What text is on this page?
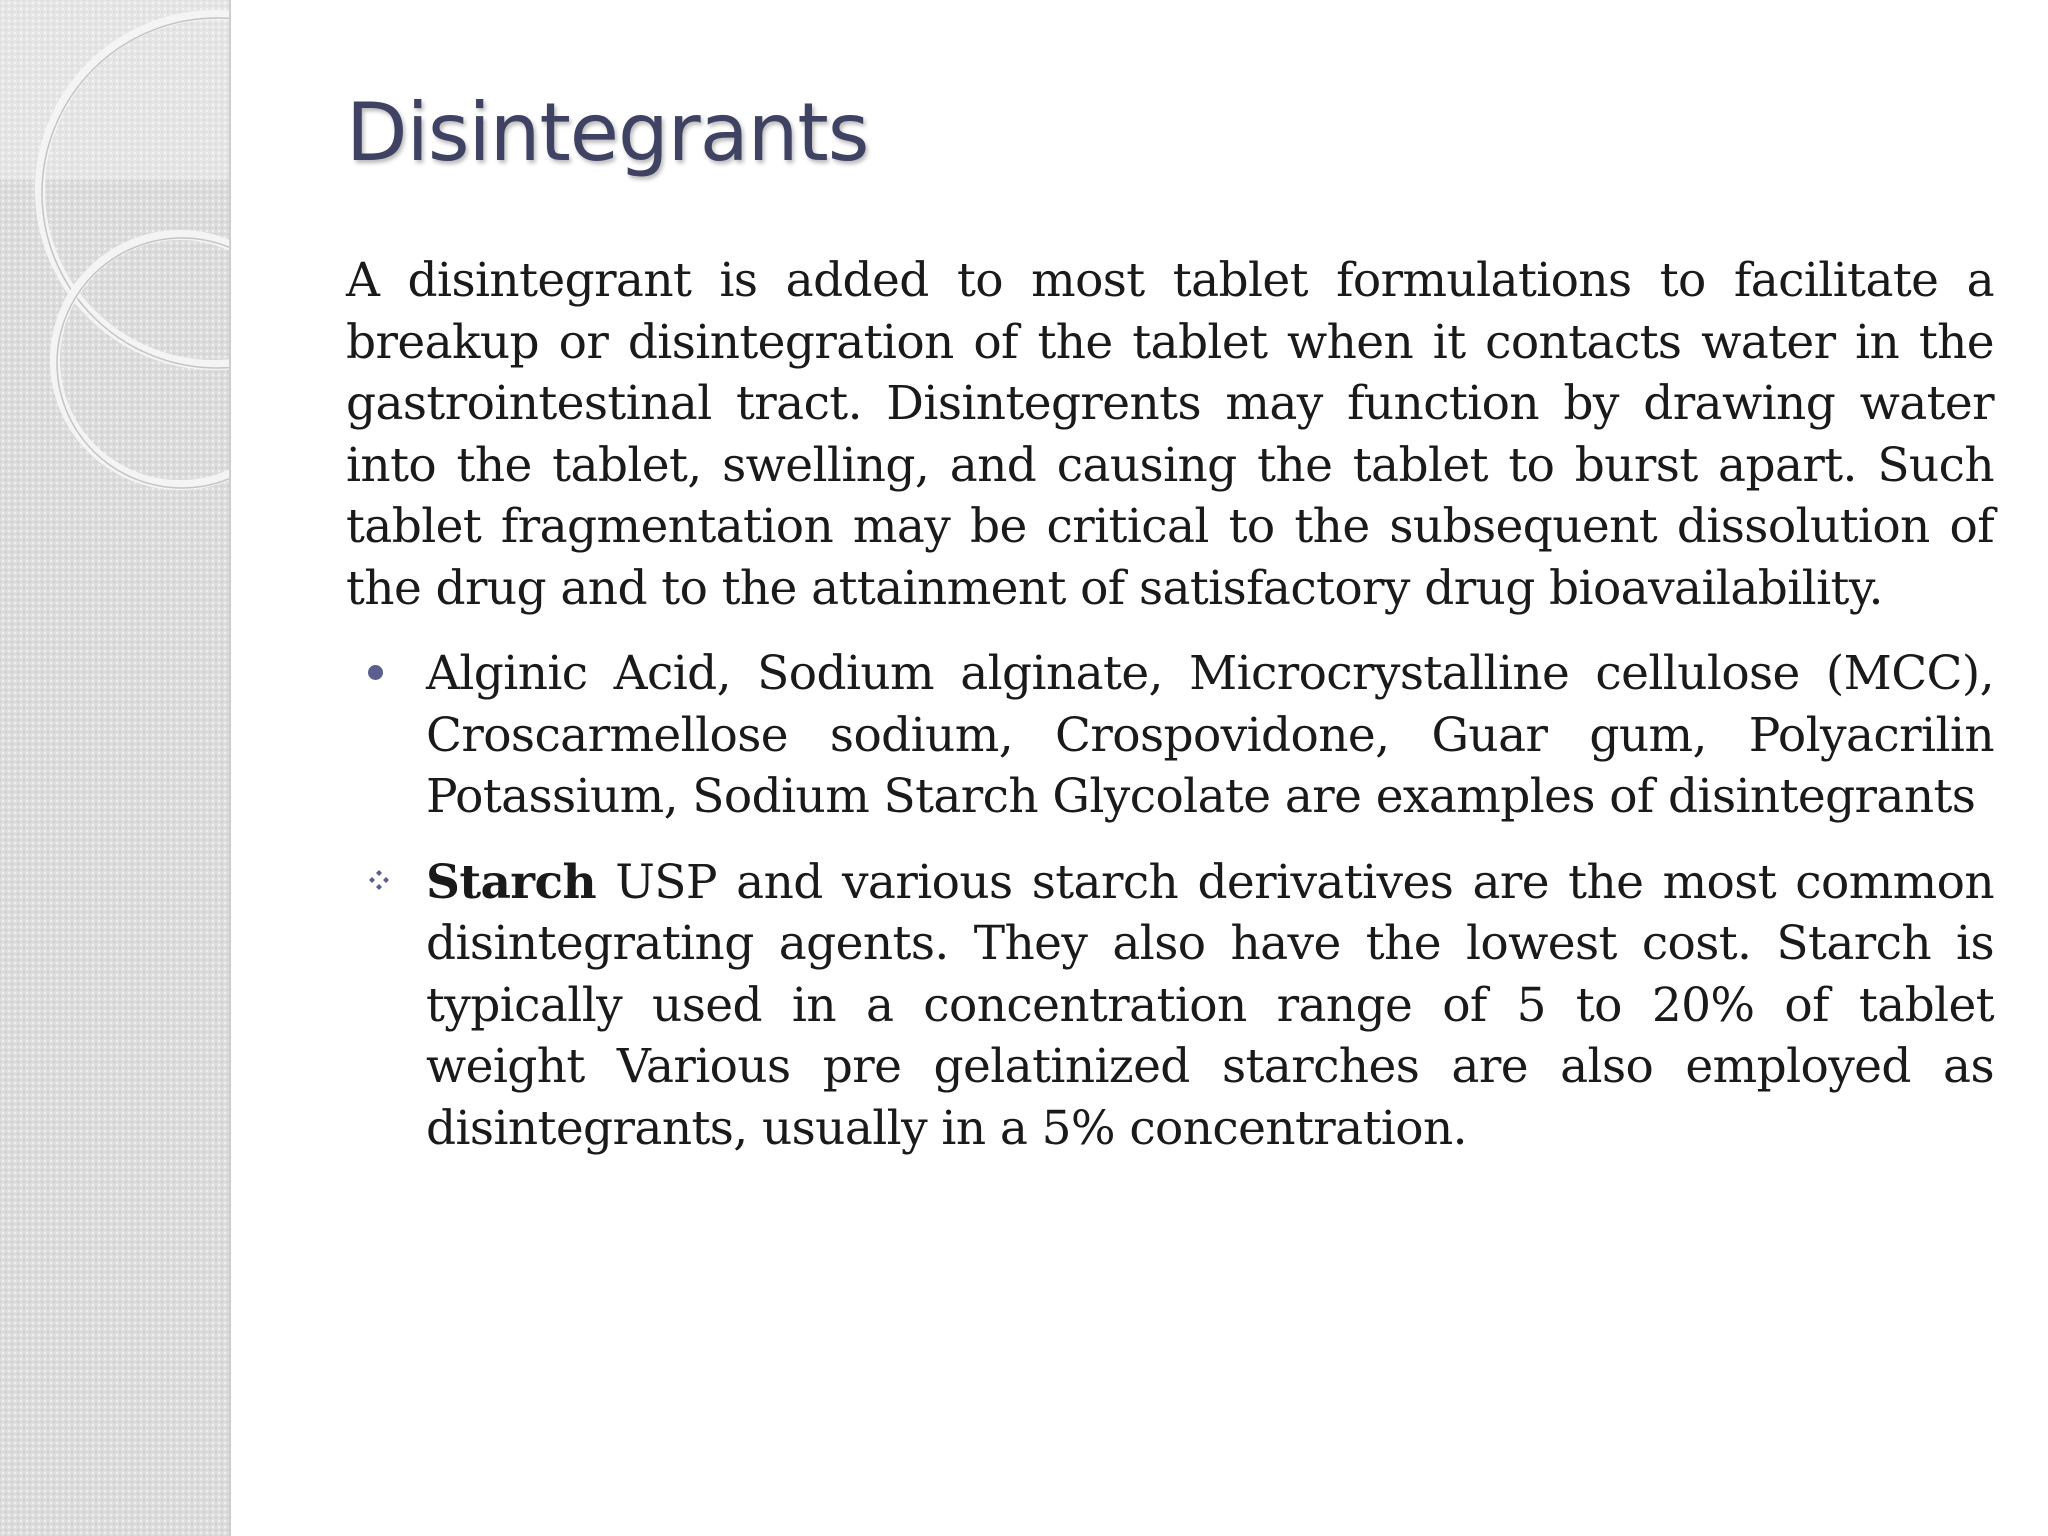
Disintegrants

A disintegrant is added to most tablet formulations to facilitate a breakup or disintegration of the tablet when it contacts water in the gastrointestinal tract. Disintegrents may function by drawing water into the tablet, swelling, and causing the tablet to burst apart. Such tablet fragmentation may be critical to the subsequent dissolution of the drug and to the attainment of satisfactory drug bioavailability.

Alginic Acid, Sodium alginate, Microcrystalline cellulose (MCC), Croscarmellose sodium, Crospovidone, Guar gum, Polyacrilin Potassium, Sodium Starch Glycolate are examples of disintegrants
Starch USP and various starch derivatives are the most common disintegrating agents. They also have the lowest cost. Starch is typically used in a concentration range of 5 to 20% of tablet weight Various pre gelatinized starches are also employed as disintegrants, usually in a 5% concentration.
